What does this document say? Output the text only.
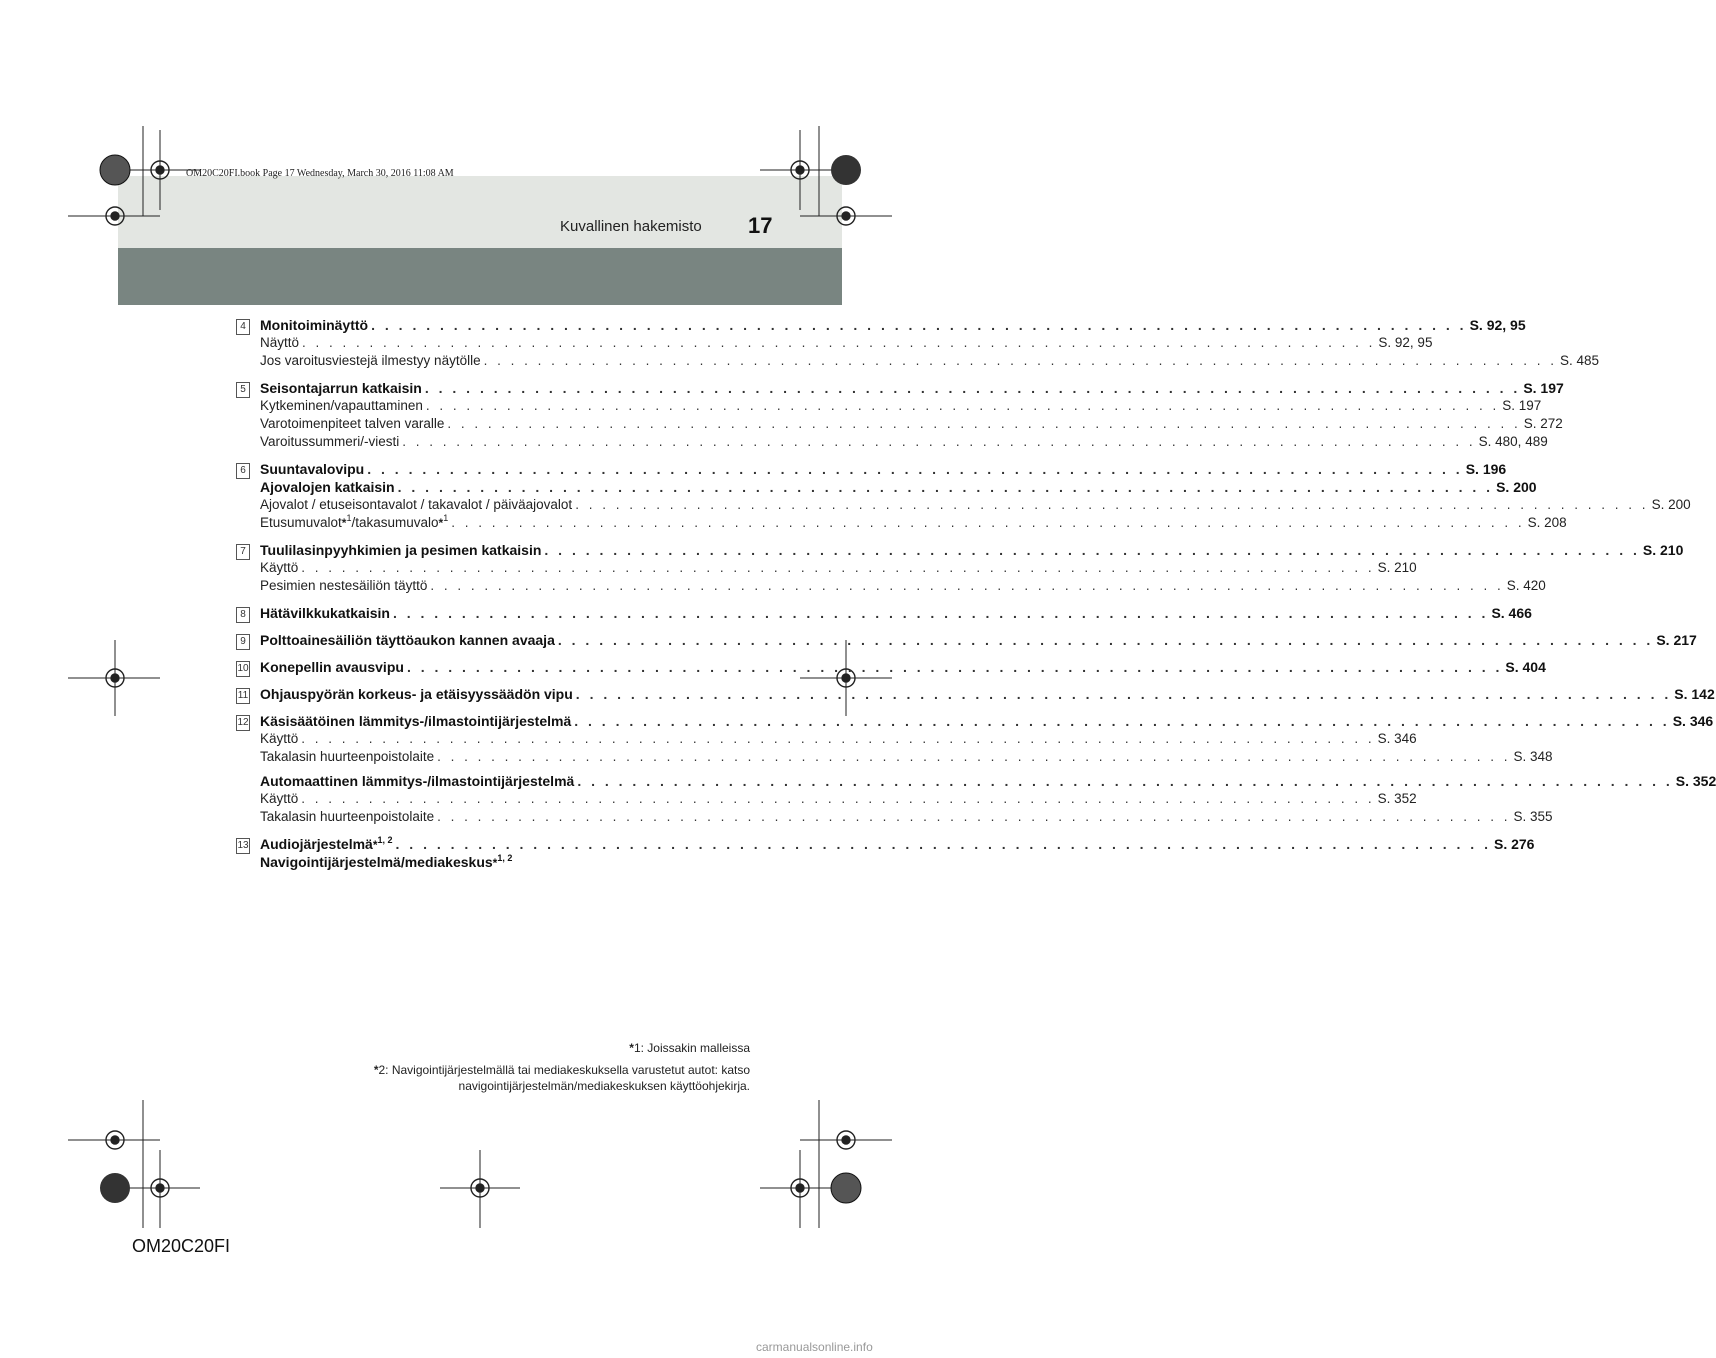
OM20C20FI.book Page 17 Wednesday, March 30, 2016 11:08 AM
Kuvallinen hakemisto 17
4	Monitoiminäyttö . . . . . . . . . . . . . . . . . . . . . . . . . . . . . . . . . . . . . . . . . . . . . . . . . . . . . . . . . . . . . . . . . . . . . . . . . . . . . . . . S. 92, 95
Näyttö . . . . . . . . . . . . . . . . . . . . . . . . . . . . . . . . . . . . . . . . . . . . . . . . . . . . . . . . . . . . . . . . . . . . . . . . . . . . . . . . S. 92, 95
Jos varoitusviestejä ilmestyy näytölle . . . . . . . . . . . . . . . . . . . . . . . . . . . . . . . . . . . . . . . . . . . . . . . . . . . . . . . . . . . . . . . . . . . . . . . . . . . . . . . . S. 485
5	Seisontajarrun katkaisin . . . . . . . . . . . . . . . . . . . . . . . . . . . . . . . . . . . . . . . . . . . . . . . . . . . . . . . . . . . . . . . . . . . . . . . . . . . . . . . . S. 197
Kytkeminen/vapauttaminen . . . . . . . . . . . . . . . . . . . . . . . . . . . . . . . . . . . . . . . . . . . . . . . . . . . . . . . . . . . . . . . . . . . . . . . . . . . . . . . . S. 197
Varotoimenpiteet talven varalle . . . . . . . . . . . . . . . . . . . . . . . . . . . . . . . . . . . . . . . . . . . . . . . . . . . . . . . . . . . . . . . . . . . . . . . . . . . . . . . . S. 272
Varoitussummeri/-viesti . . . . . . . . . . . . . . . . . . . . . . . . . . . . . . . . . . . . . . . . . . . . . . . . . . . . . . . . . . . . . . . . . . . . . . . . . . . . . . . . S. 480, 489
6	Suuntavalovipu . . . . . . . . . . . . . . . . . . . . . . . . . . . . . . . . . . . . . . . . . . . . . . . . . . . . . . . . . . . . . . . . . . . . . . . . . . . . . . . . S. 196
Ajovalojen katkaisin . . . . . . . . . . . . . . . . . . . . . . . . . . . . . . . . . . . . . . . . . . . . . . . . . . . . . . . . . . . . . . . . . . . . . . . . . . . . . . . . S. 200
Ajovalot / etuseisontavalot / takavalot / päiväajovalot . . . . . . . . . . . . . . . . . . . . . . . . . . . . . . . . . . . . . . . . . . . . . . . . . . . . . . . . . . . . . . . . . . . . . . . . . . . . . . . . S. 200
Etusumuvalot*$^1$/takasumuvalo*$^1$ . . . . . . . . . . . . . . . . . . . . . . . . . . . . . . . . . . . . . . . . . . . . . . . . . . . . . . . . . . . . . . . . . . . . . . . . . . . . . . . . S. 208
7	Tuulilasinpyyhkimien ja pesimen katkaisin . . . . . . . . . . . . . . . . . . . . . . . . . . . . . . . . . . . . . . . . . . . . . . . . . . . . . . . . . . . . . . . . . . . . . . . . . . . . . . . . S. 210
Käyttö . . . . . . . . . . . . . . . . . . . . . . . . . . . . . . . . . . . . . . . . . . . . . . . . . . . . . . . . . . . . . . . . . . . . . . . . . . . . . . . . S. 210
Pesimien nestesäiliön täyttö . . . . . . . . . . . . . . . . . . . . . . . . . . . . . . . . . . . . . . . . . . . . . . . . . . . . . . . . . . . . . . . . . . . . . . . . . . . . . . . . S. 420
8	Hätävilkkukatkaisin . . . . . . . . . . . . . . . . . . . . . . . . . . . . . . . . . . . . . . . . . . . . . . . . . . . . . . . . . . . . . . . . . . . . . . . . . . . . . . . . S. 466
9	Polttoainesäiliön täyttöaukon kannen avaaja . . . . . . . . . . . . . . . . . . . . . . . . . . . . . . . . . . . . . . . . . . . . . . . . . . . . . . . . . . . . . . . . . . . . . . . . . . . . . . . . S. 217
10 Konepellin avausvipu . . . . . . . . . . . . . . . . . . . . . . . . . . . . . . . . . . . . . . . . . . . . . . . . . . . . . . . . . . . . . . . . . . . . . . . . . . . . . . . . S. 404
11 Ohjauspyörän korkeus- ja etäisyyssäädön vipu . . . . . . . . . . . . . . . . . . . . . . . . . . . . . . . . . . . . . . . . . . . . . . . . . . . . . . . . . . . . . . . . . . . . . . . . . . . . . . . . S. 142
12 Käsisäätöinen lämmitys-/ilmastointijärjestelmä . . . . . . . . . . . . . . . . . . . . . . . . . . . . . . . . . . . . . . . . . . . . . . . . . . . . . . . . . . . . . . . . . . . . . . . . . . . . . . . . S. 346
Käyttö . . . . . . . . . . . . . . . . . . . . . . . . . . . . . . . . . . . . . . . . . . . . . . . . . . . . . . . . . . . . . . . . . . . . . . . . . . . . . . . . S. 346
Takalasin huurteenpoistolaite . . . . . . . . . . . . . . . . . . . . . . . . . . . . . . . . . . . . . . . . . . . . . . . . . . . . . . . . . . . . . . . . . . . . . . . . . . . . . . . . S. 348
Automaattinen lämmitys-/ilmastointijärjestelmä . . . . . . . . . . . . . . . . . . . . . . . . . . . . . . . . . . . . . . . . . . . . . . . . . . . . . . . . . . . . . . . . . . . . . . . . . . . . . . . . S. 352
Käyttö . . . . . . . . . . . . . . . . . . . . . . . . . . . . . . . . . . . . . . . . . . . . . . . . . . . . . . . . . . . . . . . . . . . . . . . . . . . . . . . . S. 352
Takalasin huurteenpoistolaite . . . . . . . . . . . . . . . . . . . . . . . . . . . . . . . . . . . . . . . . . . . . . . . . . . . . . . . . . . . . . . . . . . . . . . . . . . . . . . . . S. 355
13 Audiojärjestelmä*$^{1, 2}$ . . . . . . . . . . . . . . . . . . . . . . . . . . . . . . . . . . . . . . . . . . . . . . . . . . . . . . . . . . . . . . . . . . . . . . . . . . . . . . . . S. 276
Navigointijärjestelmä/mediakeskus*$^{1, 2}$
*1: Joissakin malleissa
*2: Navigointijärjestelmällä tai mediakeskuksella varustetut autot: katso
navigointijärjestelmän/mediakeskuksen käyttöohjekirja.
OM20C20FI
carmanualsonline.info
